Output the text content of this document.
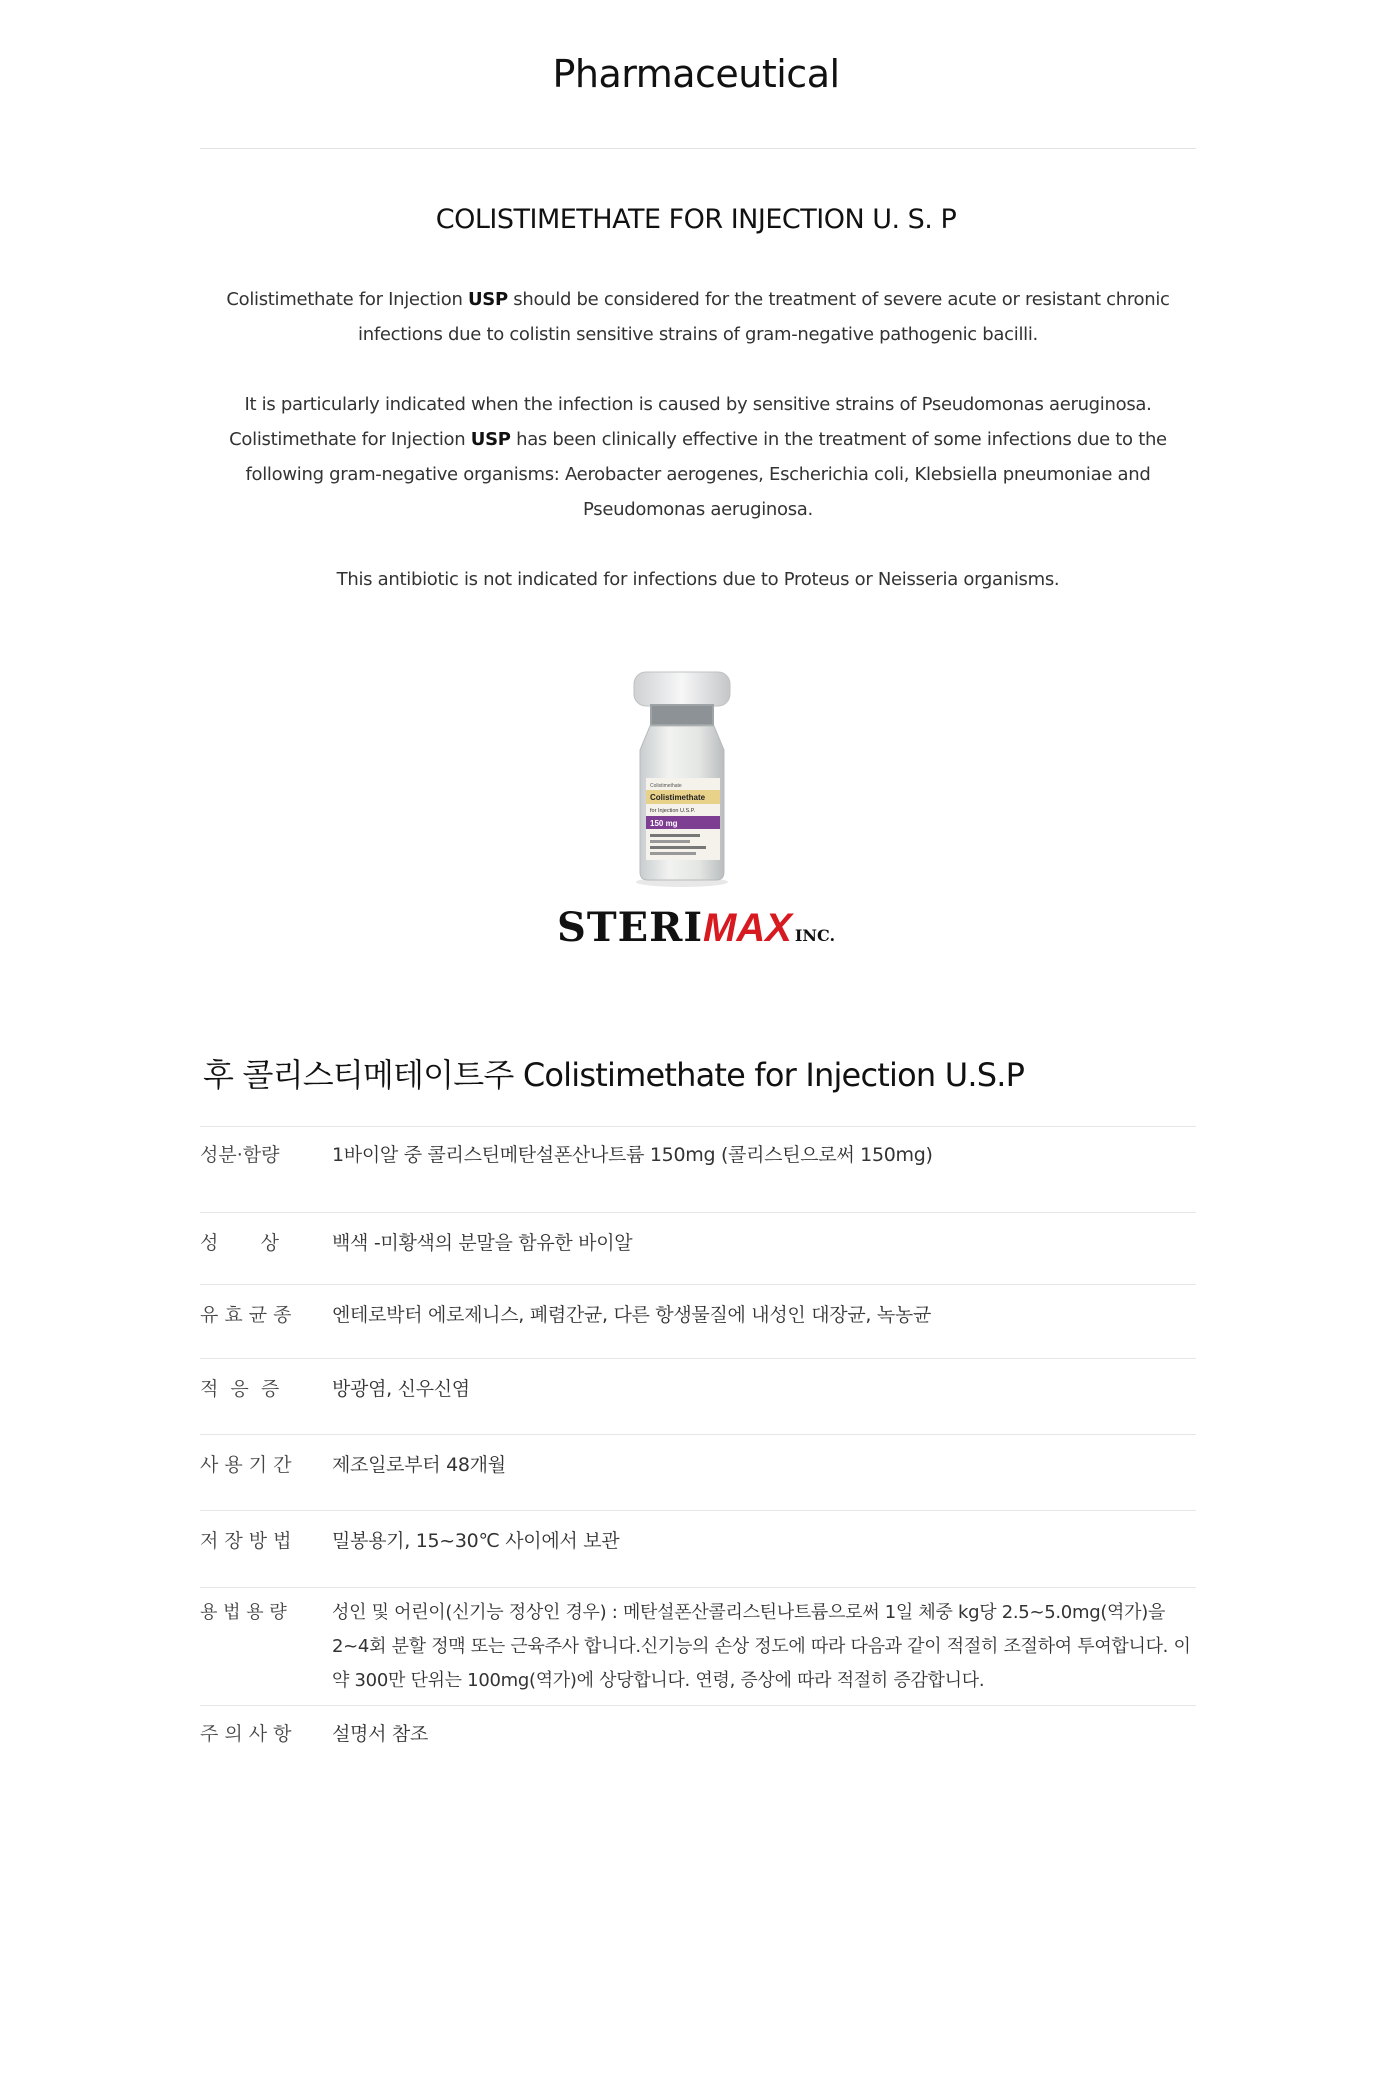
Pharmaceutical
COLISTIMETHATE FOR INJECTION U. S. P

Colistimethate for Injection USP should be considered for the treatment of severe acute or resistant chronic infections due to colistin sensitive strains of gram-negative pathogenic bacilli.

It is particularly indicated when the infection is caused by sensitive strains of Pseudomonas aeruginosa. Colistimethate for Injection USP has been clinically effective in the treatment of some infections due to the following gram-negative organisms: Aerobacter aerogenes, Escherichia coli, Klebsiella pneumoniae and Pseudomonas aeruginosa.

This antibiotic is not indicated for infections due to Proteus or Neisseria organisms.

Colistimethate
Colistimethate
for Injection U.S.P.
150 mg
STERIMAX INC.
후 콜리스티메테이트주 Colistimethate for Injection U.S.P
성분·함량	1바이알 중 콜리스틴메탄설폰산나트륨 150mg (콜리스틴으로써 150mg)
성       상	백색 -미황색의 분말을 함유한 바이알
유 효 균 종	엔테로박터 에로제니스, 폐렴간균, 다른 항생물질에 내성인 대장균, 녹농균
적  응  증	방광염, 신우신염
사 용 기 간	제조일로부터 48개월
저 장 방 법	밀봉용기, 15~30℃ 사이에서 보관
용 법 용 량	성인 및 어린이(신기능 정상인 경우) : 메탄설폰산콜리스틴나트륨으로써 1일 체중 kg당 2.5~5.0mg(역가)을 2~4회 분할 정맥 또는 근육주사 합니다.신기능의 손상 정도에 따라 다음과 같이 적절히 조절하여 투여합니다. 이 약 300만 단위는 100mg(역가)에 상당합니다. 연령, 증상에 따라 적절히 증감합니다.
주 의 사 항	설명서 참조
